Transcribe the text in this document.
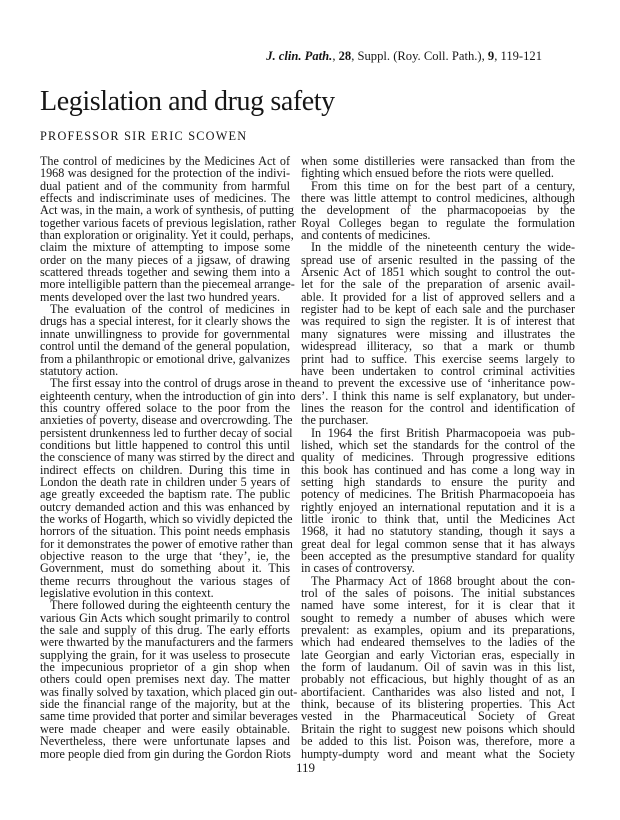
J. clin. Path., 28, Suppl. (Roy. Coll. Path.), 9, 119-121
Legislation and drug safety
PROFESSOR SIR ERIC SCOWEN
The control of medicines by the Medicines Act of
1968 was designed for the protection of the indivi-
dual patient and of the community from harmful
effects and indiscriminate uses of medicines. The
Act was, in the main, a work of synthesis, of putting
together various facets of previous legislation, rather
than exploration or originality. Yet it could, perhaps,
claim the mixture of attempting to impose some
order on the many pieces of a jigsaw, of drawing
scattered threads together and sewing them into a
more intelligible pattern than the piecemeal arrange-
ments developed over the last two hundred years.
The evaluation of the control of medicines in
drugs has a special interest, for it clearly shows the
innate unwillingness to provide for governmental
control until the demand of the general population,
from a philanthropic or emotional drive, galvanizes
statutory action.
The first essay into the control of drugs arose in the
eighteenth century, when the introduction of gin into
this country offered solace to the poor from the
anxieties of poverty, disease and overcrowding. The
persistent drunkenness led to further decay of social
conditions but little happened to control this until
the conscience of many was stirred by the direct and
indirect effects on children. During this time in
London the death rate in children under 5 years of
age greatly exceeded the baptism rate. The public
outcry demanded action and this was enhanced by
the works of Hogarth, which so vividly depicted the
horrors of the situation. This point needs emphasis
for it demonstrates the power of emotive rather than
objective reason to the urge that ‘they’, ie, the
Government, must do something about it. This
theme recurrs throughout the various stages of
legislative evolution in this context.
There followed during the eighteenth century the
various Gin Acts which sought primarily to control
the sale and supply of this drug. The early efforts
were thwarted by the manufacturers and the farmers
supplying the grain, for it was useless to prosecute
the impecunious proprietor of a gin shop when
others could open premises next day. The matter
was finally solved by taxation, which placed gin out-
side the financial range of the majority, but at the
same time provided that porter and similar beverages
were made cheaper and were easily obtainable.
Nevertheless, there were unfortunate lapses and
more people died from gin during the Gordon Riots
when some distilleries were ransacked than from the
fighting which ensued before the riots were quelled.
From this time on for the best part of a century,
there was little attempt to control medicines, although
the development of the pharmacopoeias by the
Royal Colleges began to regulate the formulation
and contents of medicines.
In the middle of the nineteenth century the wide-
spread use of arsenic resulted in the passing of the
Arsenic Act of 1851 which sought to control the out-
let for the sale of the preparation of arsenic avail-
able. It provided for a list of approved sellers and a
register had to be kept of each sale and the purchaser
was required to sign the register. It is of interest that
many signatures were missing and illustrates the
widespread illiteracy, so that a mark or thumb
print had to suffice. This exercise seems largely to
have been undertaken to control criminal activities
and to prevent the excessive use of ‘inheritance pow-
ders’. I think this name is self explanatory, but under-
lines the reason for the control and identification of
the purchaser.
In 1964 the first British Pharmacopoeia was pub-
lished, which set the standards for the control of the
quality of medicines. Through progressive editions
this book has continued and has come a long way in
setting high standards to ensure the purity and
potency of medicines. The British Pharmacopoeia has
rightly enjoyed an international reputation and it is a
little ironic to think that, until the Medicines Act
1968, it had no statutory standing, though it says a
great deal for legal common sense that it has always
been accepted as the presumptive standard for quality
in cases of controversy.
The Pharmacy Act of 1868 brought about the con-
trol of the sales of poisons. The initial substances
named have some interest, for it is clear that it
sought to remedy a number of abuses which were
prevalent: as examples, opium and its preparations,
which had endeared themselves to the ladies of the
late Georgian and early Victorian eras, especially in
the form of laudanum. Oil of savin was in this list,
probably not efficacious, but highly thought of as an
abortifacient. Cantharides was also listed and not, I
think, because of its blistering properties. This Act
vested in the Pharmaceutical Society of Great
Britain the right to suggest new poisons which should
be added to this list. Poison was, therefore, more a
humpty-dumpty word and meant what the Society
119
